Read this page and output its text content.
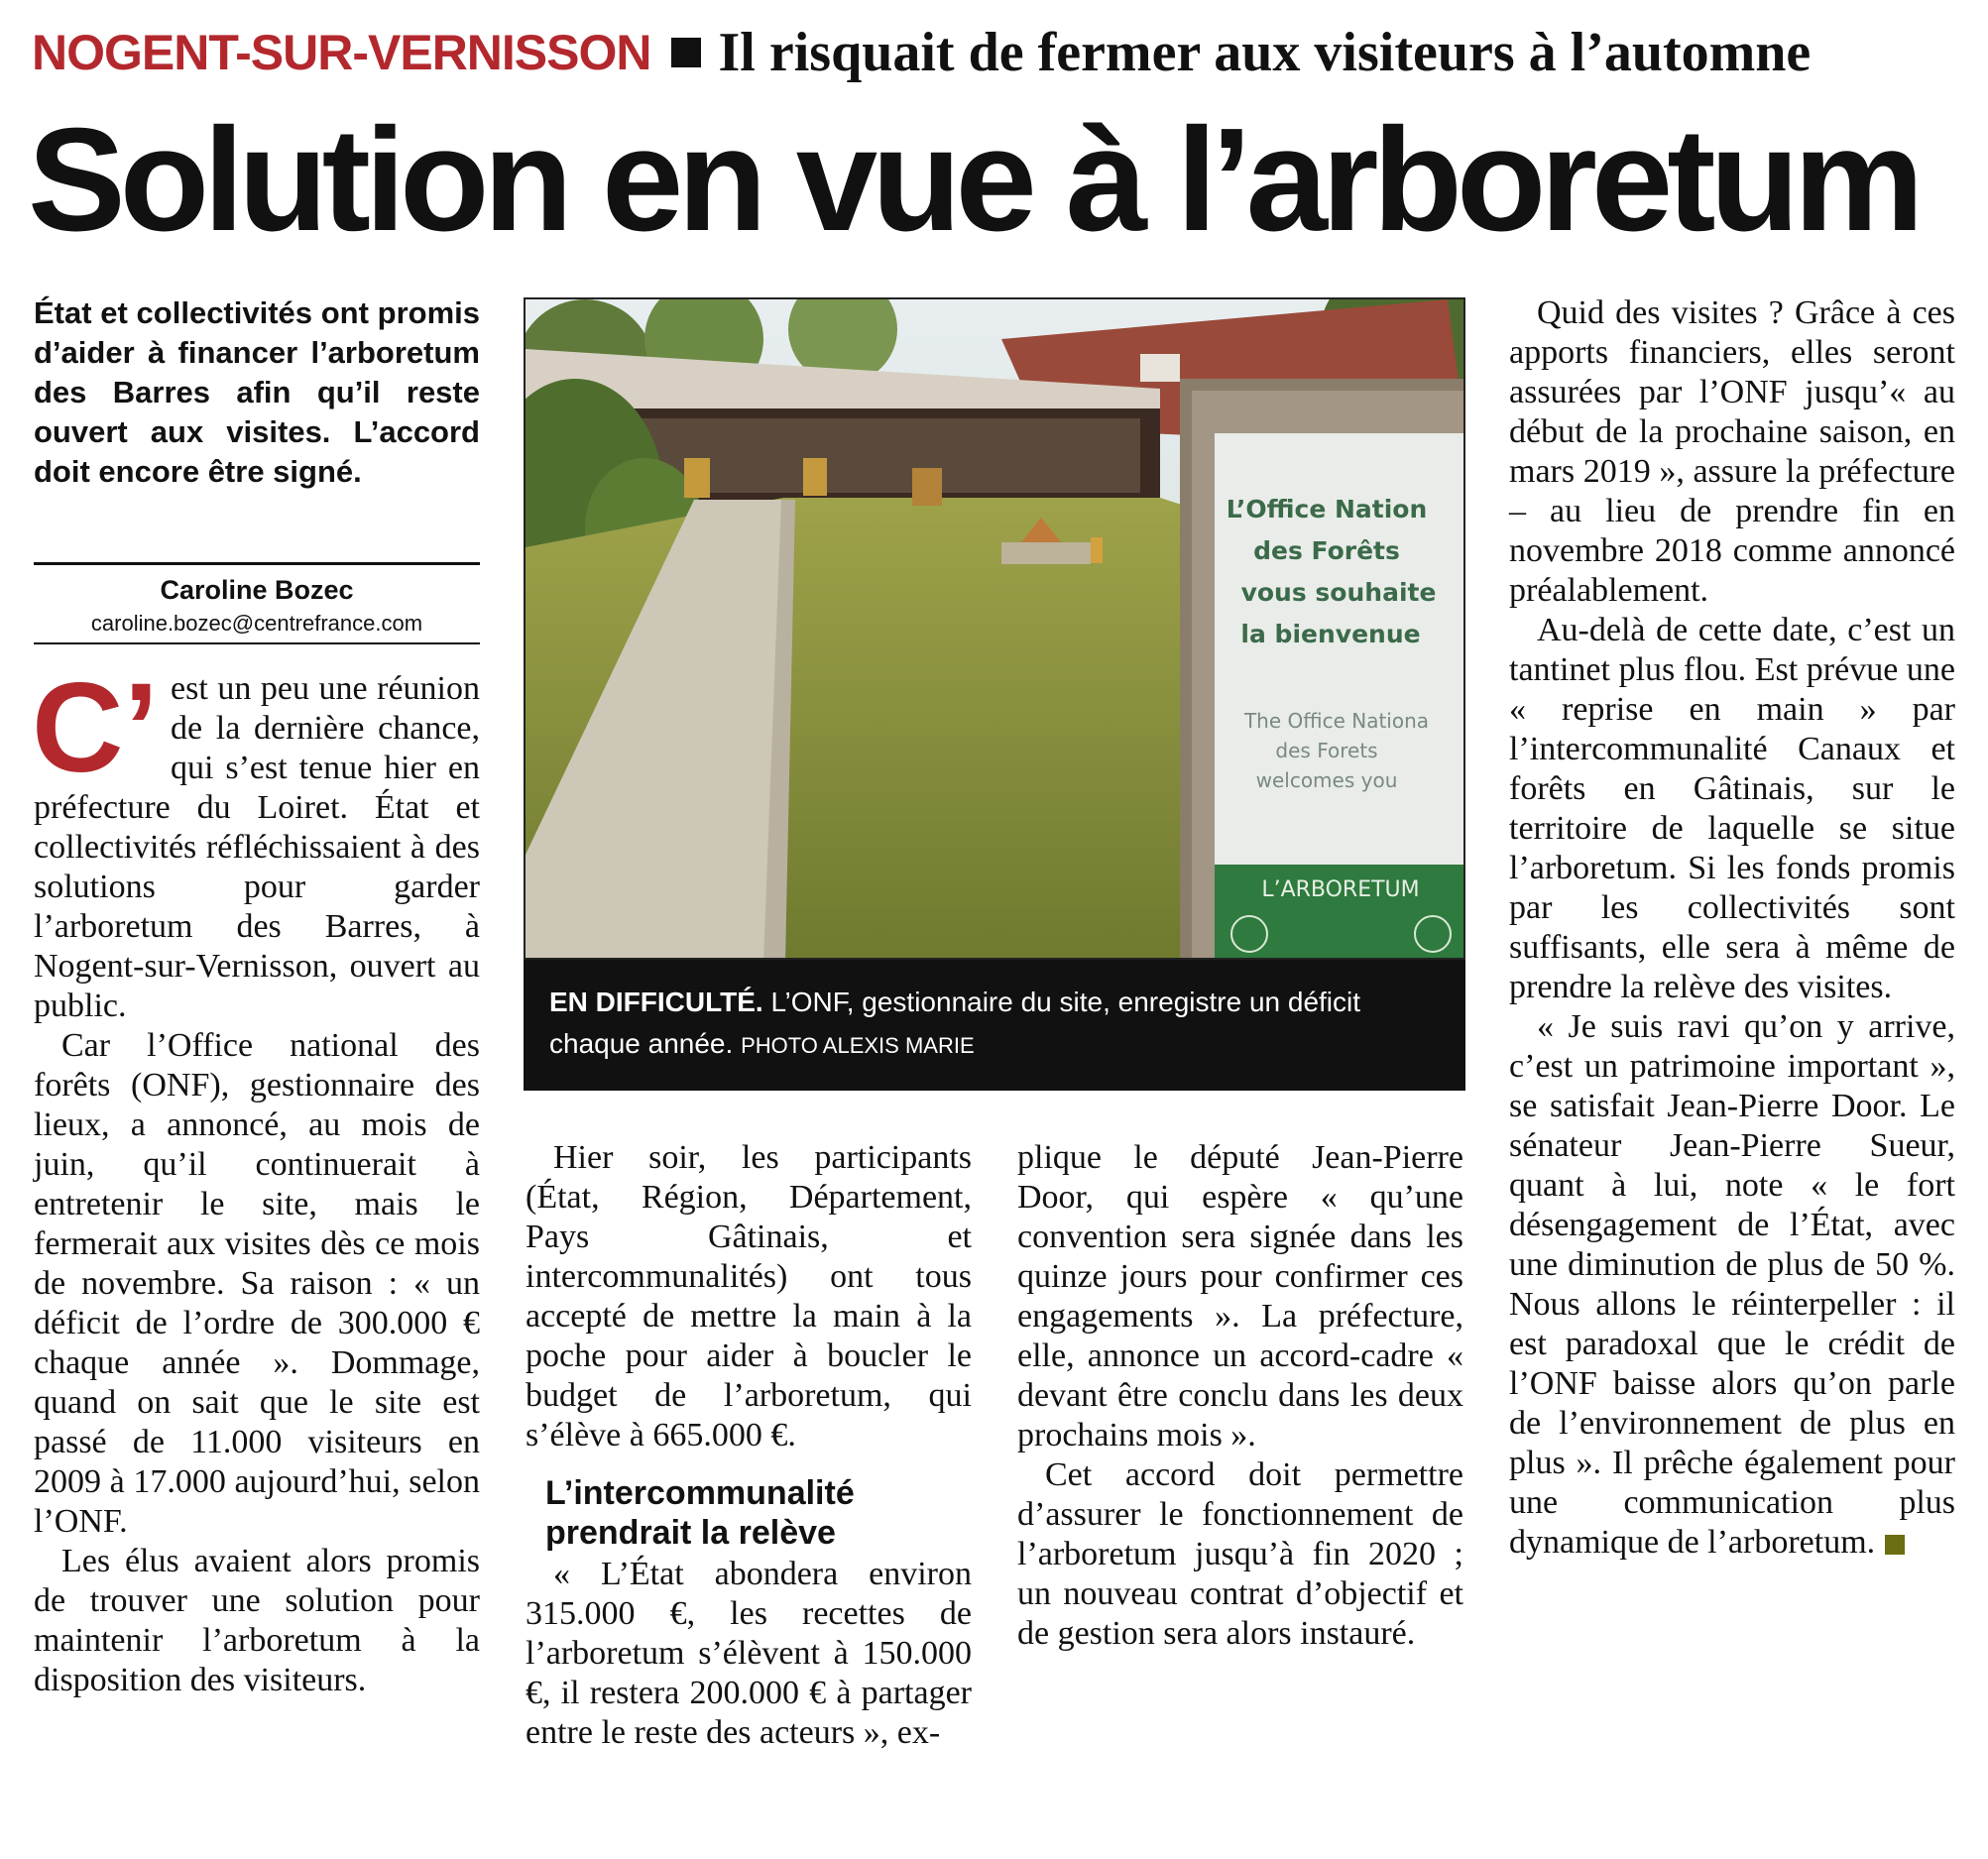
NOGENT-SUR-VERNISSON Il risquait de fermer aux visiteurs à l’automne
Solution en vue à l’arboretum
État et collectivités ont promis d’aider à financer l’arboretum des Barres afin qu’il reste ouvert aux visites. L’accord doit encore être signé.
Caroline Bozec
caroline.bozec@centrefrance.com
C’ est un peu une réunion de la dernière chance, qui s’est tenue hier en préfecture du Loiret. État et collectivités réfléchissaient à des solutions pour garder l’arboretum des Barres, à Nogent-sur-Vernisson, ouvert au public.

Car l’Office national des forêts (ONF), gestionnaire des lieux, a annoncé, au mois de juin, qu’il continuerait à entretenir le site, mais le fermerait aux visites dès ce mois de novembre. Sa raison : « un déficit de l’ordre de 300.000 € chaque année ». Dommage, quand on sait que le site est passé de 11.000 visiteurs en 2009 à 17.000 aujourd’hui, selon l’ONF.

Les élus avaient alors promis de trouver une solution pour maintenir l’arboretum à la disposition des visiteurs.

L’Office Nation
des Forêts
vous souhaite
la bienvenue
The Office Nationa
des Forets
welcomes you
L’ARBORETUM
EN DIFFICULTÉ. L’ONF, gestionnaire du site, enregistre un déficit chaque année. PHOTO ALEXIS MARIE

Hier soir, les participants (État, Région, Département, Pays Gâtinais, et intercommunalités) ont tous accepté de mettre la main à la poche pour aider à boucler le budget de l’arboretum, qui s’élève à 665.000 €.

L’intercommunalité prendrait la relève

« L’État abondera environ 315.000 €, les recettes de l’arboretum s’élèvent à 150.000 €, il restera 200.000 € à partager entre le reste des acteurs », ex-

plique le député Jean-Pierre Door, qui espère « qu’une convention sera signée dans les quinze jours pour confirmer ces engagements ». La préfecture, elle, annonce un accord-cadre « devant être conclu dans les deux prochains mois ».

Cet accord doit permettre d’assurer le fonctionnement de l’arboretum jusqu’à fin 2020 ; un nouveau contrat d’objectif et de gestion sera alors instauré.

Quid des visites ? Grâce à ces apports financiers, elles seront assurées par l’ONF jusqu’« au début de la prochaine saison, en mars 2019 », assure la préfecture – au lieu de prendre fin en novembre 2018 comme annoncé préalablement.

Au-delà de cette date, c’est un tantinet plus flou. Est prévue une « reprise en main » par l’intercommunalité Canaux et forêts en Gâtinais, sur le territoire de laquelle se situe l’arboretum. Si les fonds promis par les collectivités sont suffisants, elle sera à même de prendre la relève des visites.

« Je suis ravi qu’on y arrive, c’est un patrimoine important », se satisfait Jean-Pierre Door. Le sénateur Jean-Pierre Sueur, quant à lui, note « le fort désengagement de l’État, avec une diminution de plus de 50 %. Nous allons le réinterpeller : il est paradoxal que le crédit de l’ONF baisse alors qu’on parle de l’environnement de plus en plus ». Il prêche également pour une communication plus dynamique de l’arboretum.
